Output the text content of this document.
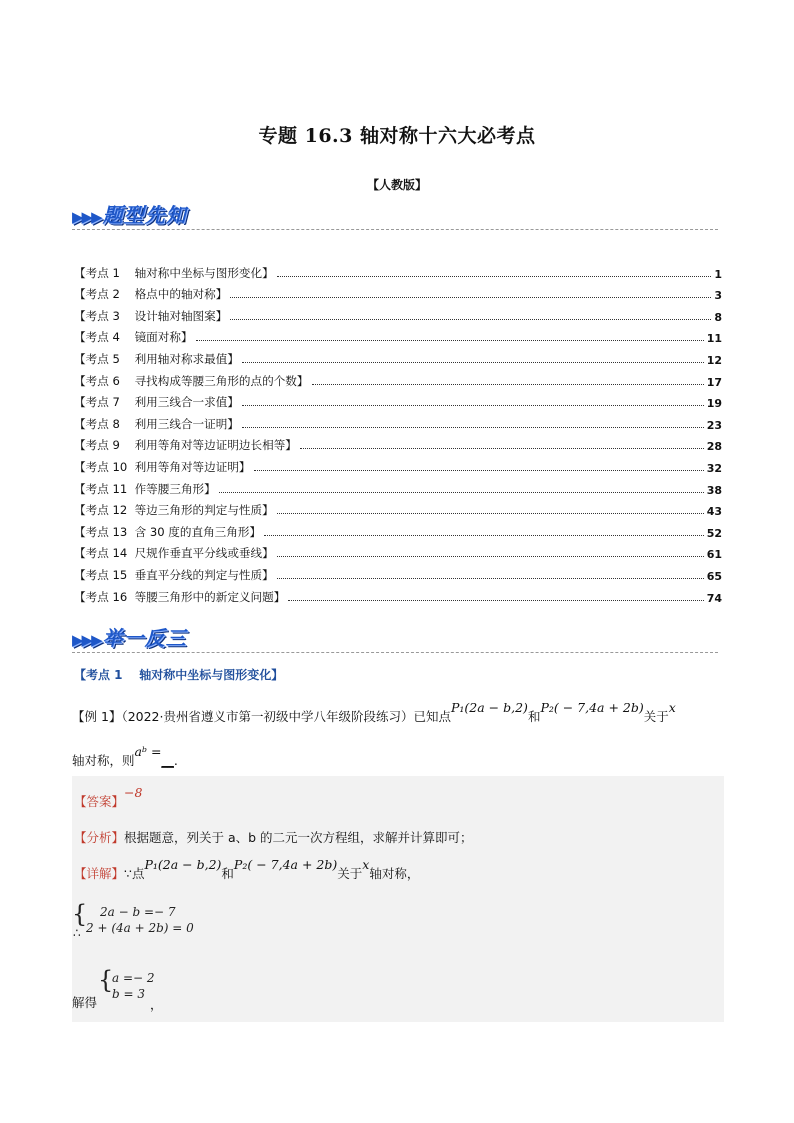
专题 16.3 轴对称十六大必考点
【人教版】
▶▶▶ 题型先知
【考点 1    轴对称中坐标与图形变化】	1
【考点 2    格点中的轴对称】	3
【考点 3    设计轴对轴图案】	8
【考点 4    镜面对称】	11
【考点 5    利用轴对称求最值】	12
【考点 6    寻找构成等腰三角形的点的个数】	17
【考点 7    利用三线合一求值】	19
【考点 8    利用三线合一证明】	23
【考点 9    利用等角对等边证明边长相等】	28
【考点 10  利用等角对等边证明】	32
【考点 11  作等腰三角形】	38
【考点 12  等边三角形的判定与性质】	43
【考点 13  含 30 度的直角三角形】	52
【考点 14  尺规作垂直平分线或垂线】	61
【考点 15  垂直平分线的判定与性质】	65
【考点 16  等腰三角形中的新定义问题】	74
▶▶▶ 举一反三
【考点 1    轴对称中坐标与图形变化】
【例 1】（2022·贵州省遵义市第一初级中学八年级阶段练习）已知点P₁(2a − b,2)和P₂( − 7,4a + 2b)关于x
轴对称，则aᵇ =__.
【答案】−8
【分析】根据题意，列关于 a、b 的二元一次方程组，求解并计算即可；
【详解】∵点P₁(2a − b,2)和P₂( − 7,4a + 2b)关于x轴对称，
{	2a − b =− 7
2 + (4a + 2b) = 0
∴
解得
{
a =− 2
b = 3
，
